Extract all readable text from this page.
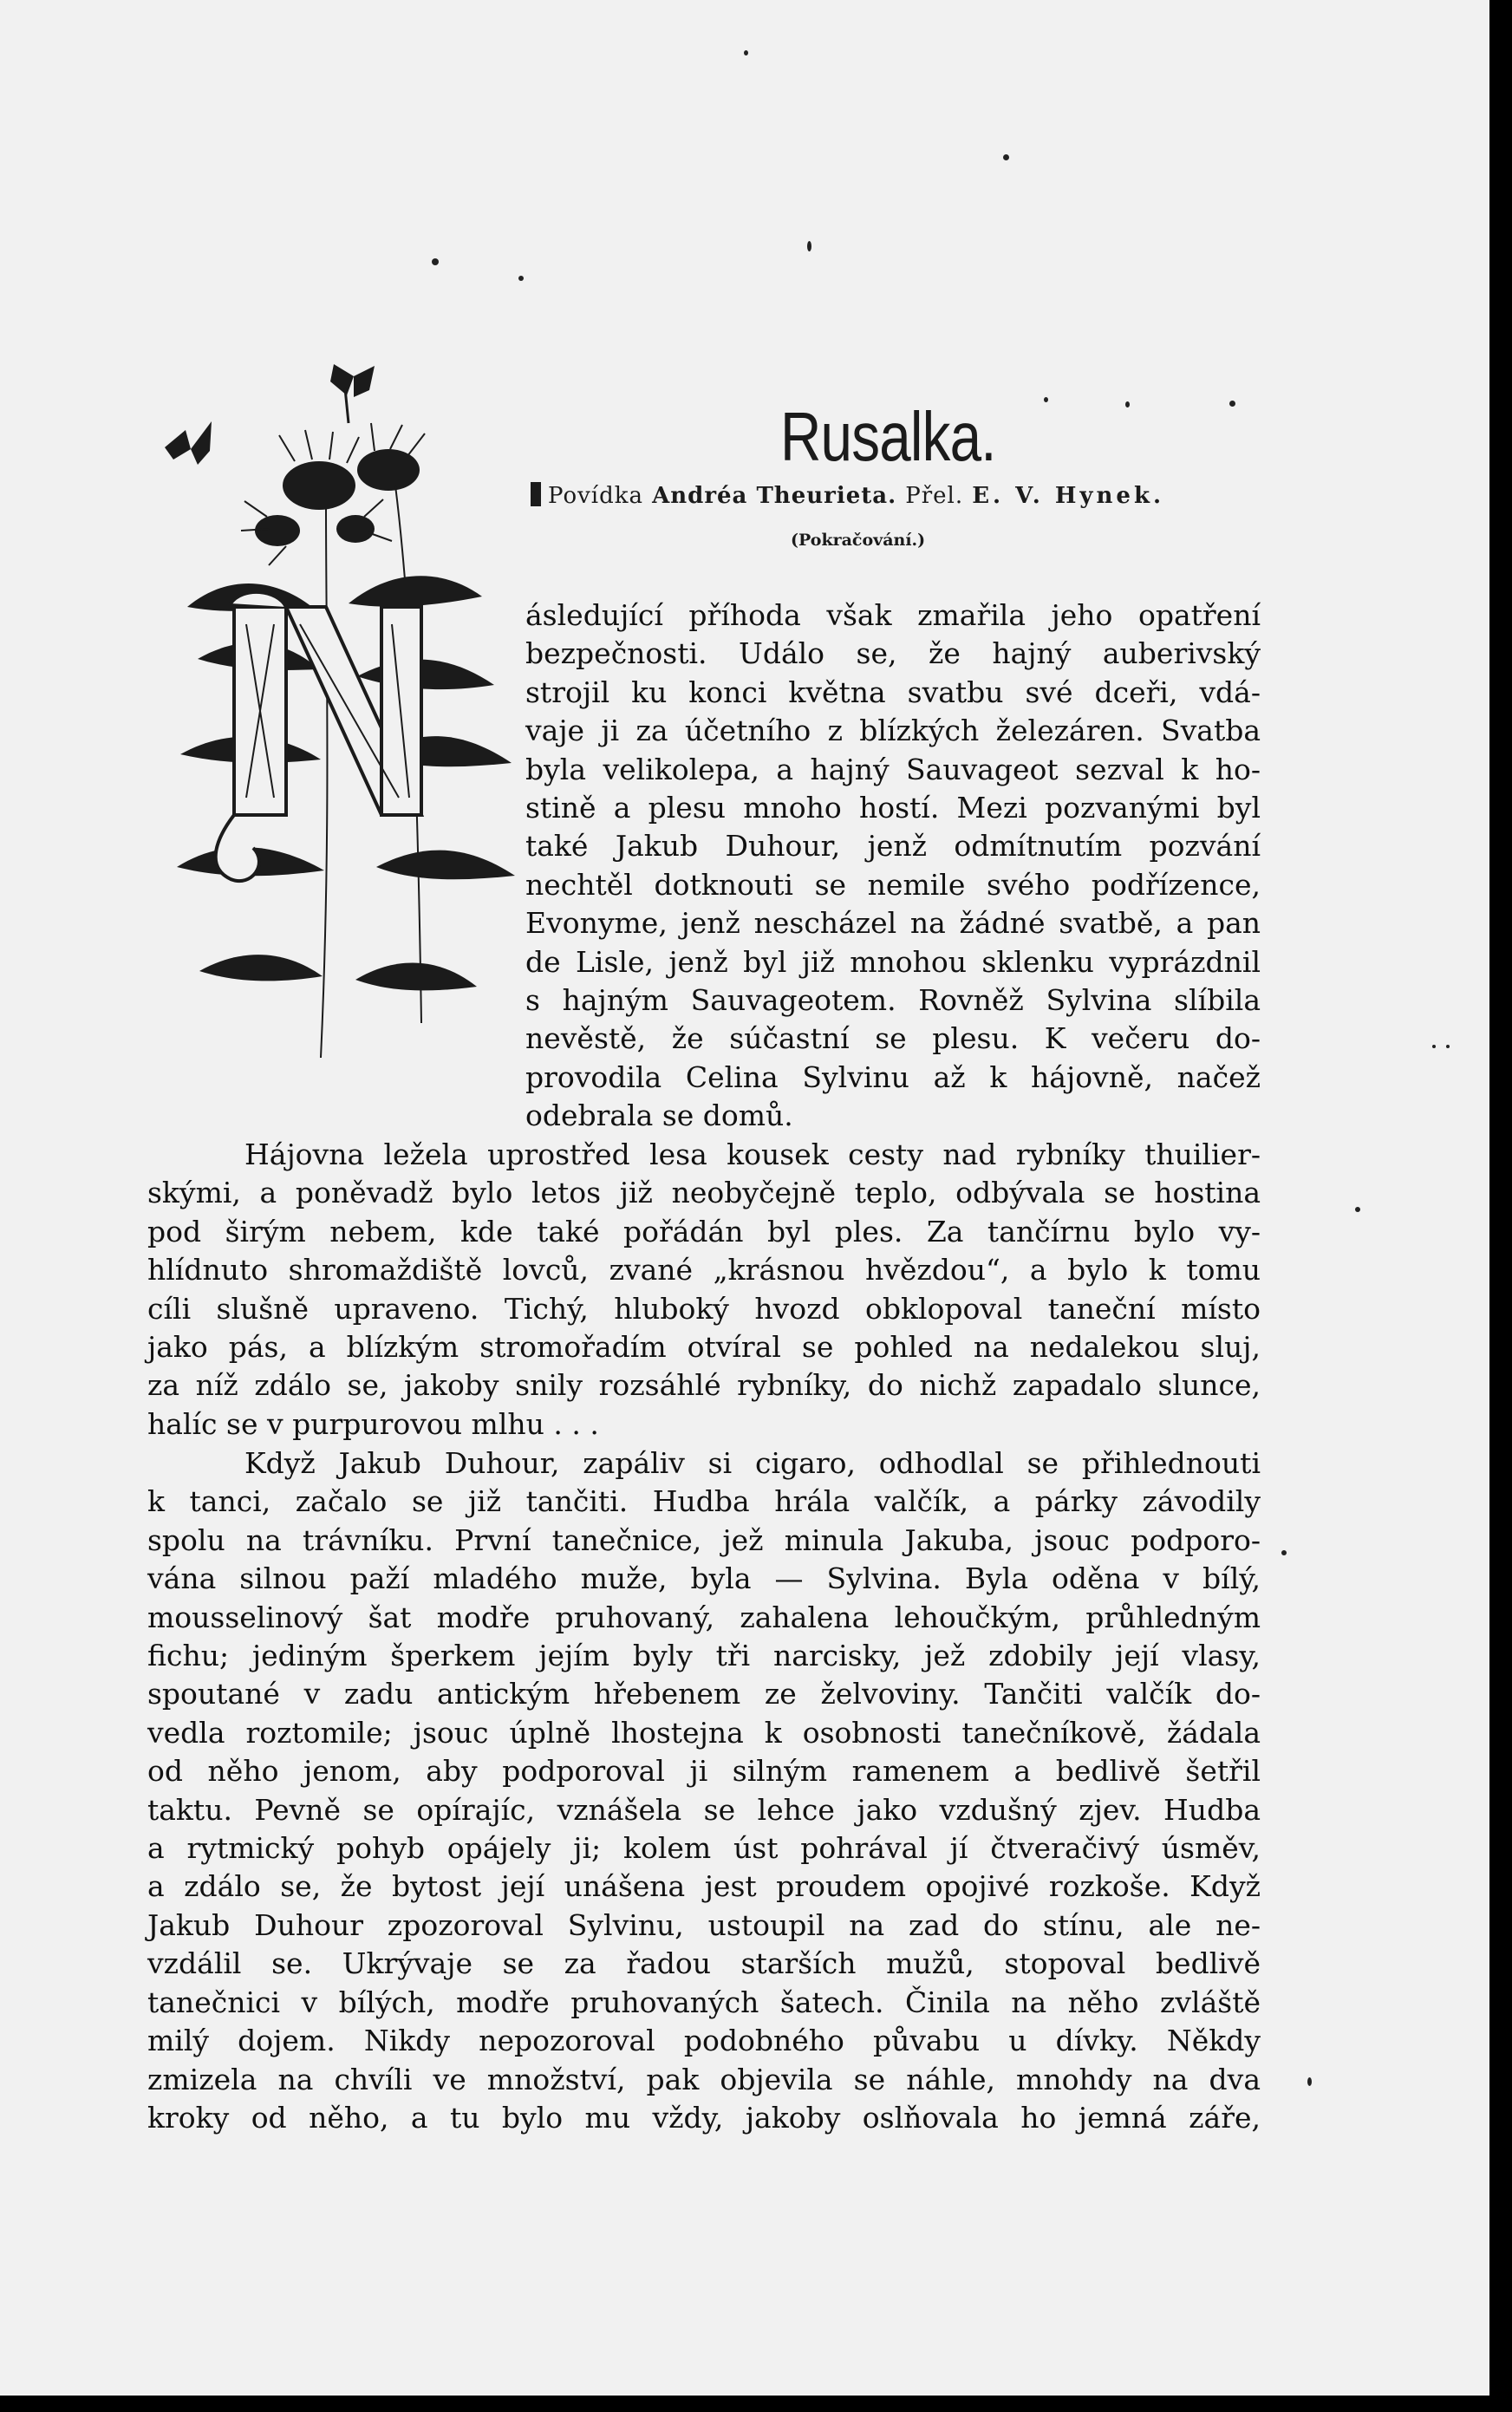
Rusalka.
Povídka Andréa Theurieta. Přel. E. V. Hynek.
(Pokračování.)

ásledující příhoda však zmařila jeho opatření
bezpečnosti. Událo se, že hajný auberivský
strojil ku konci května svatbu své dceři, vdá-
vaje ji za účetního z blízkých železáren. Svatba
byla velikolepa, a hajný Sauvageot sezval k ho-
stině a plesu mnoho hostí. Mezi pozvanými byl
také Jakub Duhour, jenž odmítnutím pozvání
nechtěl dotknouti se nemile svého podřízence,
Evonyme, jenž nescházel na žádné svatbě, a pan
de Lisle, jenž byl již mnohou sklenku vyprázdnil
s hajným Sauvageotem. Rovněž Sylvina slíbila
nevěstě, že súčastní se plesu. K večeru do-
provodila Celina Sylvinu až k hájovně, načež
odebrala se domů.

Hájovna ležela uprostřed lesa kousek cesty nad rybníky thuilier-
skými, a poněvadž bylo letos již neobyčejně teplo, odbývala se hostina
pod širým nebem, kde také pořádán byl ples. Za tančírnu bylo vy-
hlídnuto shromaždiště lovců, zvané „krásnou hvězdou“, a bylo k tomu
cíli slušně upraveno. Tichý, hluboký hvozd obklopoval taneční místo
jako pás, a blízkým stromořadím otvíral se pohled na nedalekou sluj,
za níž zdálo se, jakoby snily rozsáhlé rybníky, do nichž zapadalo slunce,
halíc se v purpurovou mlhu . . .

Když Jakub Duhour, zapáliv si cigaro, odhodlal se přihlednouti
k tanci, začalo se již tančiti. Hudba hrála valčík, a párky závodily
spolu na trávníku. První tanečnice, jež minula Jakuba, jsouc podporo-
vána silnou paží mladého muže, byla — Sylvina. Byla oděna v bílý,
mousselinový šat modře pruhovaný, zahalena lehoučkým, průhledným
fichu; jediným šperkem jejím byly tři narcisky, jež zdobily její vlasy,
spoutané v zadu antickým hřebenem ze želvoviny. Tančiti valčík do-
vedla roztomile; jsouc úplně lhostejna k osobnosti tanečníkově, žádala
od něho jenom, aby podporoval ji silným ramenem a bedlivě šetřil
taktu. Pevně se opírajíc, vznášela se lehce jako vzdušný zjev. Hudba
a rytmický pohyb opájely ji; kolem úst pohrával jí čtveračivý úsměv,
a zdálo se, že bytost její unášena jest proudem opojivé rozkoše. Když
Jakub Duhour zpozoroval Sylvinu, ustoupil na zad do stínu, ale ne-
vzdálil se. Ukrývaje se za řadou starších mužů, stopoval bedlivě
tanečnici v bílých, modře pruhovaných šatech. Činila na něho zvláště
milý dojem. Nikdy nepozoroval podobného půvabu u dívky. Někdy
zmizela na chvíli ve množství, pak objevila se náhle, mnohdy na dva
kroky od něho, a tu bylo mu vždy, jakoby oslňovala ho jemná záře,
